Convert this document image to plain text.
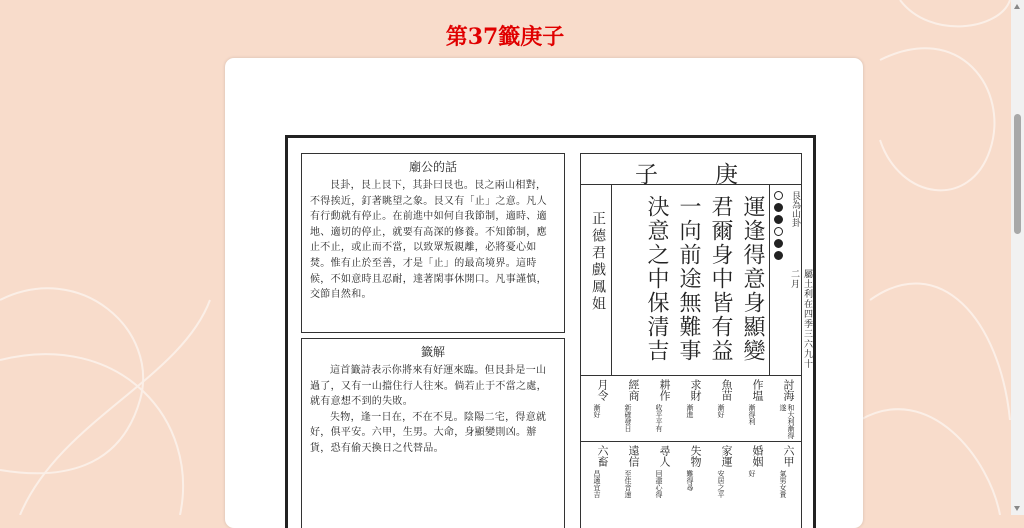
第37籤庚子
廟公的話
艮卦，艮上艮下，其卦曰艮也。艮之兩山相對，不得挨近，釘著眺望之象。艮又有「止」之意。凡人有行動就有停止。在前進中如何自我節制，適時、適地、適切的停止，就要有高深的修養。不知節制，應止不止，或止而不當，以致眾叛親離，必將憂心如焚。惟有止於至善，才是「止」的最高境界。這時候，不如意時且忍耐，達著閑事休開口。凡事謹慎，交節自然和。
籤解
這首籤詩表示你將來有好運來臨。但艮卦是一山過了，又有一山擋住行人往來。倘若止于不當之處，就有意想不到的失敗。
失物，逢一日在，不在不見。陰陽二宅，得意就好，俱平安。六甲，生男。大命，身顯變則凶。辦貨，恐有偷天換日之代替品。
庚
子
艮為山卦
屬土利在四季三六九十二月
運逢得意身顯變
君爾身中皆有益
一向前途無難事
決意之中保清吉
正德君戲鳳姐
討海
和大利漸得遂
作塭
漸得利
魚苗
漸好
求財
漸進
耕作
收平平有
經商
新確發日
月令
漸好
六甲
氣男女貴
婚姻
好
家運
安居之平
失物
難得尋
尋人
回盡心得
遠信
至佳音速
六畜
昌適宜吉
